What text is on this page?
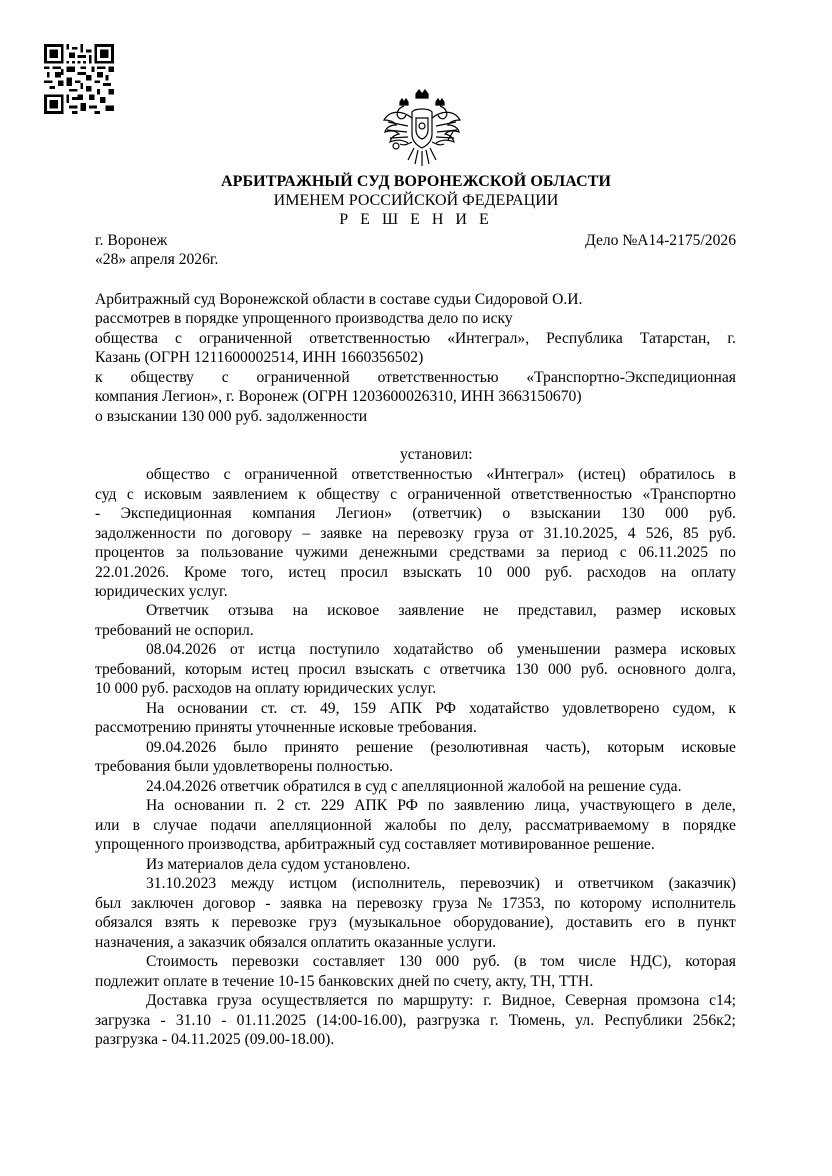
АРБИТРАЖНЫЙ СУД ВОРОНЕЖСКОЙ ОБЛАСТИ
ИМЕНЕМ РОССИЙСКОЙ ФЕДЕРАЦИИ
Р Е Ш Е Н И Е
г. Воронеж	Дело №А14-2175/2026
«28» апреля 2026г.
Арбитражный суд Воронежской области в составе судьи Сидоровой О.И.
рассмотрев в порядке упрощенного производства дело по иску
общества с ограниченной ответственностью «Интеграл», Республика Татарстан, г.
Казань (ОГРН 1211600002514, ИНН 1660356502)
к обществу с ограниченной ответственностью «Транспортно-Экспедиционная
компания Легион», г. Воронеж (ОГРН 1203600026310, ИНН 3663150670)
о взыскании 130 000 руб. задолженности
общество с ограниченной ответственностью «Интеграл» (истец) обратилось в
суд с исковым заявлением к обществу с ограниченной ответственностью «Транспортно
- Экспедиционная компания Легион» (ответчик) о взыскании 130 000 руб.
задолженности по договору – заявке на перевозку груза от 31.10.2025, 4 526, 85 руб.
процентов за пользование чужими денежными средствами за период с 06.11.2025 по
22.01.2026. Кроме того, истец просил взыскать 10 000 руб. расходов на оплату
юридических услуг.
Ответчик отзыва на исковое заявление не представил, размер исковых
требований не оспорил.
08.04.2026 от истца поступило ходатайство об уменьшении размера исковых
требований, которым истец просил взыскать с ответчика 130 000 руб. основного долга,
10 000 руб. расходов на оплату юридических услуг.
На основании ст. ст. 49, 159 АПК РФ ходатайство удовлетворено судом, к
рассмотрению приняты уточненные исковые требования.
09.04.2026 было принято решение (резолютивная часть), которым исковые
требования были удовлетворены полностью.
24.04.2026 ответчик обратился в суд с апелляционной жалобой на решение суда.
На основании п. 2 ст. 229 АПК РФ по заявлению лица, участвующего в деле,
или в случае подачи апелляционной жалобы по делу, рассматриваемому в порядке
упрощенного производства, арбитражный суд составляет мотивированное решение.
Из материалов дела судом установлено.
31.10.2023 между истцом (исполнитель, перевозчик) и ответчиком (заказчик)
был заключен договор - заявка на перевозку груза № 17353, по которому исполнитель
обязался взять к перевозке груз (музыкальное оборудование), доставить его в пункт
назначения, а заказчик обязался оплатить оказанные услуги.
Стоимость перевозки составляет 130 000 руб. (в том числе НДС), которая
подлежит оплате в течение 10-15 банковских дней по счету, акту, ТН, ТТН.
Доставка груза осуществляется по маршруту: г. Видное, Северная промзона с14;
загрузка - 31.10 - 01.11.2025 (14:00-16.00), разгрузка г. Тюмень, ул. Республики 256к2;
разгрузка - 04.11.2025 (09.00-18.00).
установил:
